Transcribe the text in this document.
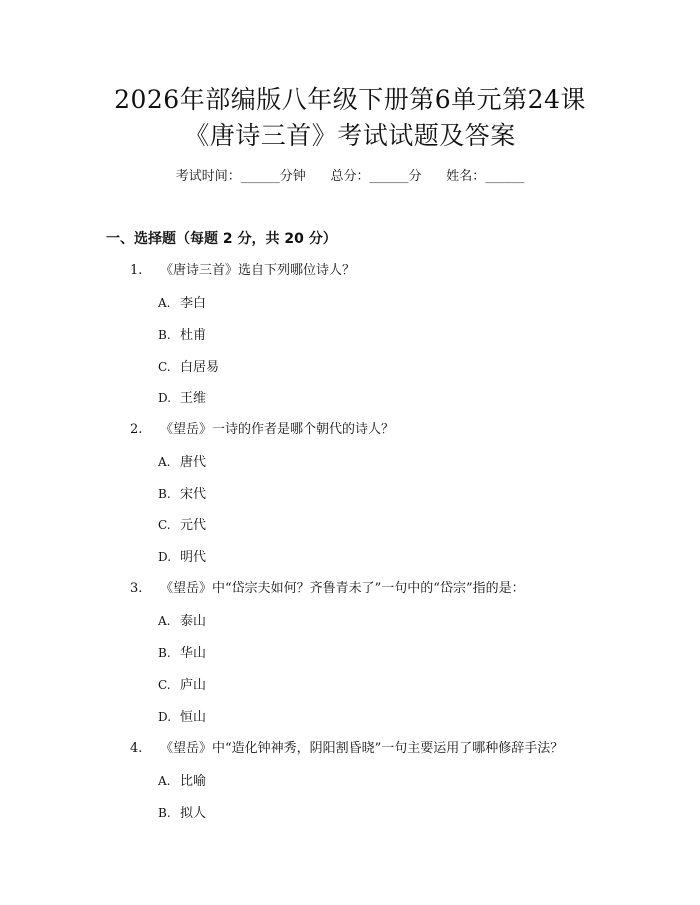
2026年部编版八年级下册第6单元第24课
《唐诗三首》考试试题及答案
考试时间：______分钟      总分：______分      姓名：______
一、选择题（每题 2 分，共 20 分）
1. 《唐诗三首》选自下列哪位诗人？
A. 李白
B. 杜甫
C. 白居易
D. 王维
2. 《望岳》一诗的作者是哪个朝代的诗人？
A. 唐代
B. 宋代
C. 元代
D. 明代
3. 《望岳》中“岱宗夫如何？齐鲁青未了”一句中的“岱宗”指的是：
A. 泰山
B. 华山
C. 庐山
D. 恒山
4. 《望岳》中“造化钟神秀，阴阳割昏晓”一句主要运用了哪种修辞手法？
A. 比喻
B. 拟人
